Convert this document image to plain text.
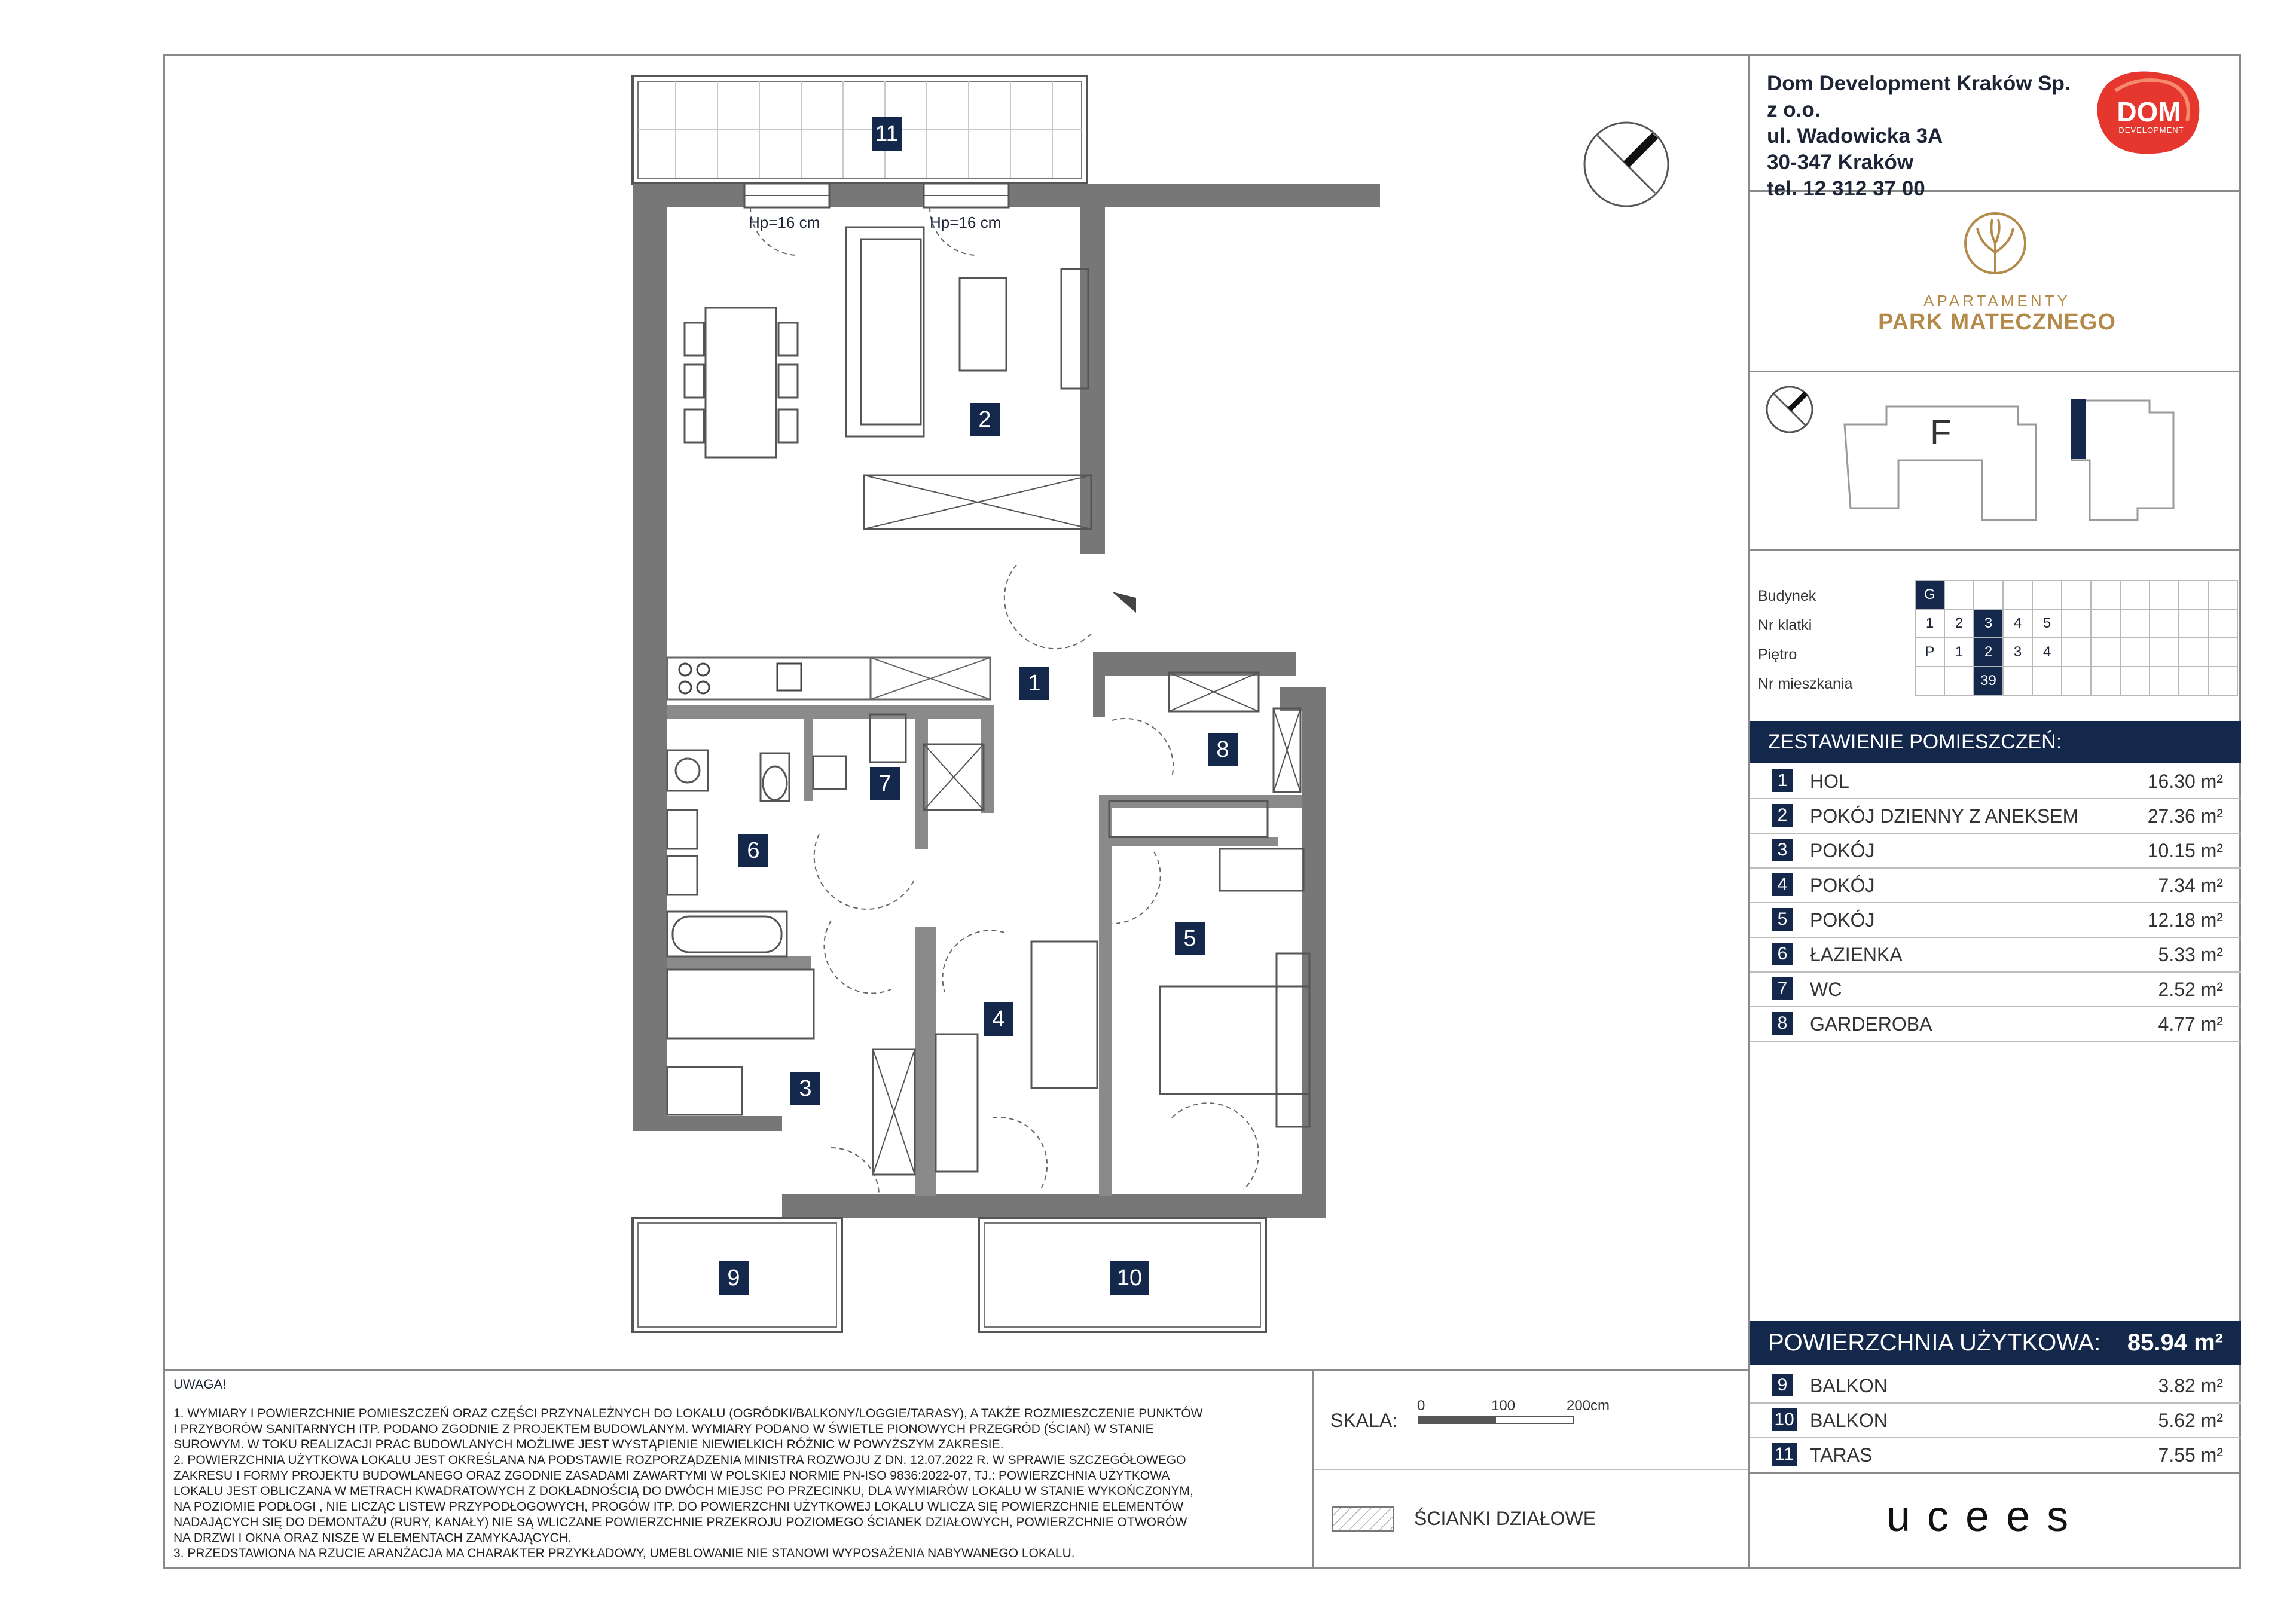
11
2
1
8
7
6
5
4
3
9	10
Hp=16 cm	Hp=16 cm
Dom Development Kraków Sp. z o.o.
ul. Wadowicka 3A
30-347 Kraków
tel. 12 312 37 00
DOM
DEVELOPMENT
APARTAMENTY
PARK MATECZNEGO
F
Budynek
Nr klatki
Piętro
Nr mieszkania
G										
1	2	3	4	5						
P	1	2	3	4						
		39								
ZESTAWIENIE POMIESZCZEŃ:
1	HOL	16.30 m²
2	POKÓJ DZIENNY Z ANEKSEM	27.36 m²
3	POKÓJ	10.15 m²
4	POKÓJ	7.34 m²
5	POKÓJ	12.18 m²
6	ŁAZIENKA	5.33 m²
7	WC	2.52 m²
8	GARDEROBA	4.77 m²
POWIERZCHNIA UŻYTKOWA: 85.94 m²
9	BALKON	3.82 m²
10 BALKON	5.62 m²
11 TARAS	7.55 m²
ucees
UWAGA!
1. WYMIARY I POWIERZCHNIE POMIESZCZEŃ ORAZ CZĘŚCI PRZYNALEŻNYCH DO LOKALU (OGRÓDKI/BALKONY/LOGGIE/TARASY), A TAKŻE ROZMIESZCZENIE PUNKTÓW
I PRZYBORÓW SANITARNYCH ITP. PODANO ZGODNIE Z PROJEKTEM BUDOWLANYM. WYMIARY PODANO W ŚWIETLE PIONOWYCH PRZEGRÓD (ŚCIAN) W STANIE
SUROWYM. W TOKU REALIZACJI PRAC BUDOWLANYCH MOŻLIWE JEST WYSTĄPIENIE NIEWIELKICH RÓŻNIC W POWYŻSZYM ZAKRESIE.
2. POWIERZCHNIA UŻYTKOWA LOKALU JEST OKREŚLANA NA PODSTAWIE ROZPORZĄDZENIA MINISTRA ROZWOJU Z DN. 12.07.2022 R. W SPRAWIE SZCZEGÓŁOWEGO
ZAKRESU I FORMY PROJEKTU BUDOWLANEGO ORAZ ZGODNIE ZASADAMI ZAWARTYMI W POLSKIEJ NORMIE PN-ISO 9836:2022-07, TJ.: POWIERZCHNIA UŻYTKOWA
LOKALU JEST OBLICZANA W METRACH KWADRATOWYCH Z DOKŁADNOŚCIĄ DO DWÓCH MIEJSC PO PRZECINKU, DLA WYMIARÓW LOKALU W STANIE WYKOŃCZONYM,
NA POZIOMIE PODŁOGI , NIE LICZĄC LISTEW PRZYPODŁOGOWYCH, PROGÓW ITP. DO POWIERZCHNI UŻYTKOWEJ LOKALU WLICZA SIĘ POWIERZCHNIE ELEMENTÓW
NADAJĄCYCH SIĘ DO DEMONTAŻU (RURY, KANAŁY) NIE SĄ WLICZANE POWIERZCHNIE PRZEKROJU POZIOMEGO ŚCIANEK DZIAŁOWYCH, POWIERZCHNIE OTWORÓW
NA DRZWI I OKNA ORAZ NISZE W ELEMENTACH ZAMYKAJĄCYCH.
3. PRZEDSTAWIONA NA RZUCIE ARANŻACJA MA CHARAKTER PRZYKŁADOWY, UMEBLOWANIE NIE STANOWI WYPOSAŻENIA NABYWANEGO LOKALU.
SKALA:
0	100	200cm
ŚCIANKI DZIAŁOWE
